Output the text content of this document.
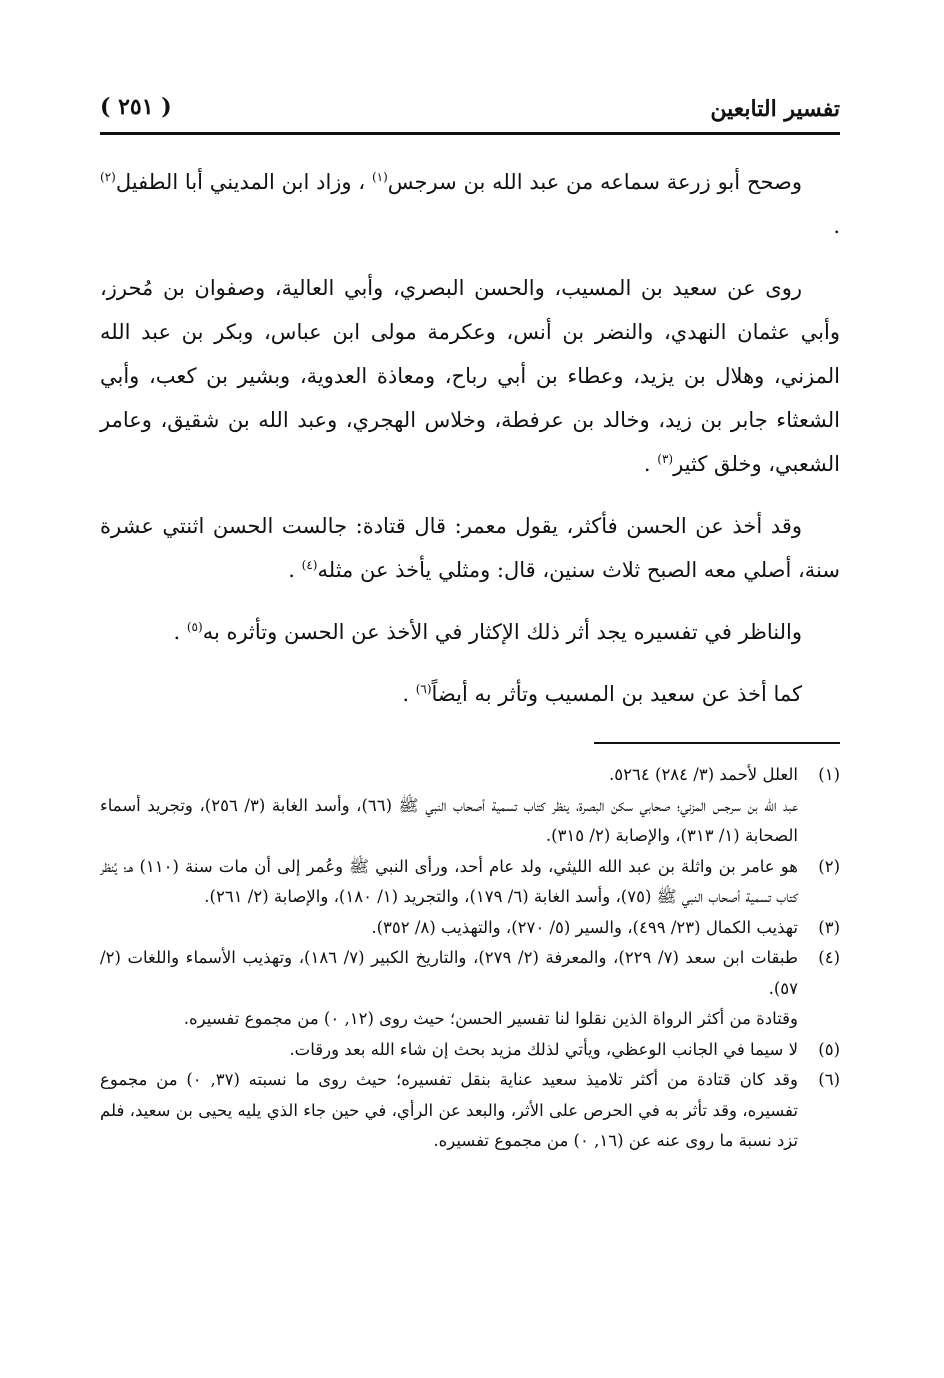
تفسير التابعين
( ٢٥١ )

وصحح أبو زرعة سماعه من عبد الله بن سرجس$^{(١)}$ ، وزاد ابن المديني أبا الطفيل$^{(٢)}$ .

روى عن سعيد بن المسيب، والحسن البصري، وأبي العالية، وصفوان بن مُحرز، وأبي عثمان النهدي، والنضر بن أنس، وعكرمة مولى ابن عباس، وبكر بن عبد الله المزني، وهلال بن يزيد، وعطاء بن أبي رباح، ومعاذة العدوية، وبشير بن كعب، وأبي الشعثاء جابر بن زيد، وخالد بن عرفطة، وخلاس الهجري، وعبد الله بن شقيق، وعامر الشعبي، وخلق كثير$^{(٣)}$ .

وقد أخذ عن الحسن فأكثر، يقول معمر: قال قتادة: جالست الحسن اثنتي عشرة سنة، أصلي معه الصبح ثلاث سنين، قال: ومثلي يأخذ عن مثله$^{(٤)}$ .

والناظر في تفسيره يجد أثر ذلك الإكثار في الأخذ عن الحسن وتأثره به$^{(٥)}$ .

كما أخذ عن سعيد بن المسيب وتأثر به أيضاً$^{(٦)}$ .

(١)

العلل لأحمد (٣/ ٢٨٤) ٥٢٦٤.

عبد الله بن سرجس المزني؛ صحابي سكن البصرة، ينظر كتاب تسمية أصحاب النبي ﷺ (٦٦)، وأسد الغابة (٣/ ٢٥٦)، وتجريد أسماء الصحابة (١/ ٣١٣)، والإصابة (٢/ ٣١٥).

(٢)

هو عامر بن واثلة بن عبد الله الليثي، ولد عام أحد، ورأى النبي ﷺ وعُمر إلى أن مات سنة (١١٠) هـ؛ يُنظر كتاب تسمية أصحاب النبي ﷺ (٧٥)، وأسد الغابة (٦/ ١٧٩)، والتجريد (١/ ١٨٠)، والإصابة (٢/ ٢٦١).

(٣)

تهذيب الكمال (٢٣/ ٤٩٩)، والسير (٥/ ٢٧٠)، والتهذيب (٨/ ٣٥٢).

(٤)

طبقات ابن سعد (٧/ ٢٢٩)، والمعرفة (٢/ ٢٧٩)، والتاريخ الكبير (٧/ ١٨٦)، وتهذيب الأسماء واللغات (٢/ ٥٧).

وقتادة من أكثر الرواة الذين نقلوا لنا تفسير الحسن؛ حيث روى (١٢, ٠) من مجموع تفسيره.

(٥)

لا سيما في الجانب الوعظي، ويأتي لذلك مزيد بحث إن شاء الله بعد ورقات.

(٦)

وقد كان قتادة من أكثر تلاميذ سعيد عناية بنقل تفسيره؛ حيث روى ما نسبته (٣٧, ٠) من مجموع تفسيره، وقد تأثر به في الحرص على الأثر، والبعد عن الرأي، في حين جاء الذي يليه يحيى بن سعيد، فلم تزد نسبة ما روى عنه عن (١٦, ٠) من مجموع تفسيره.
